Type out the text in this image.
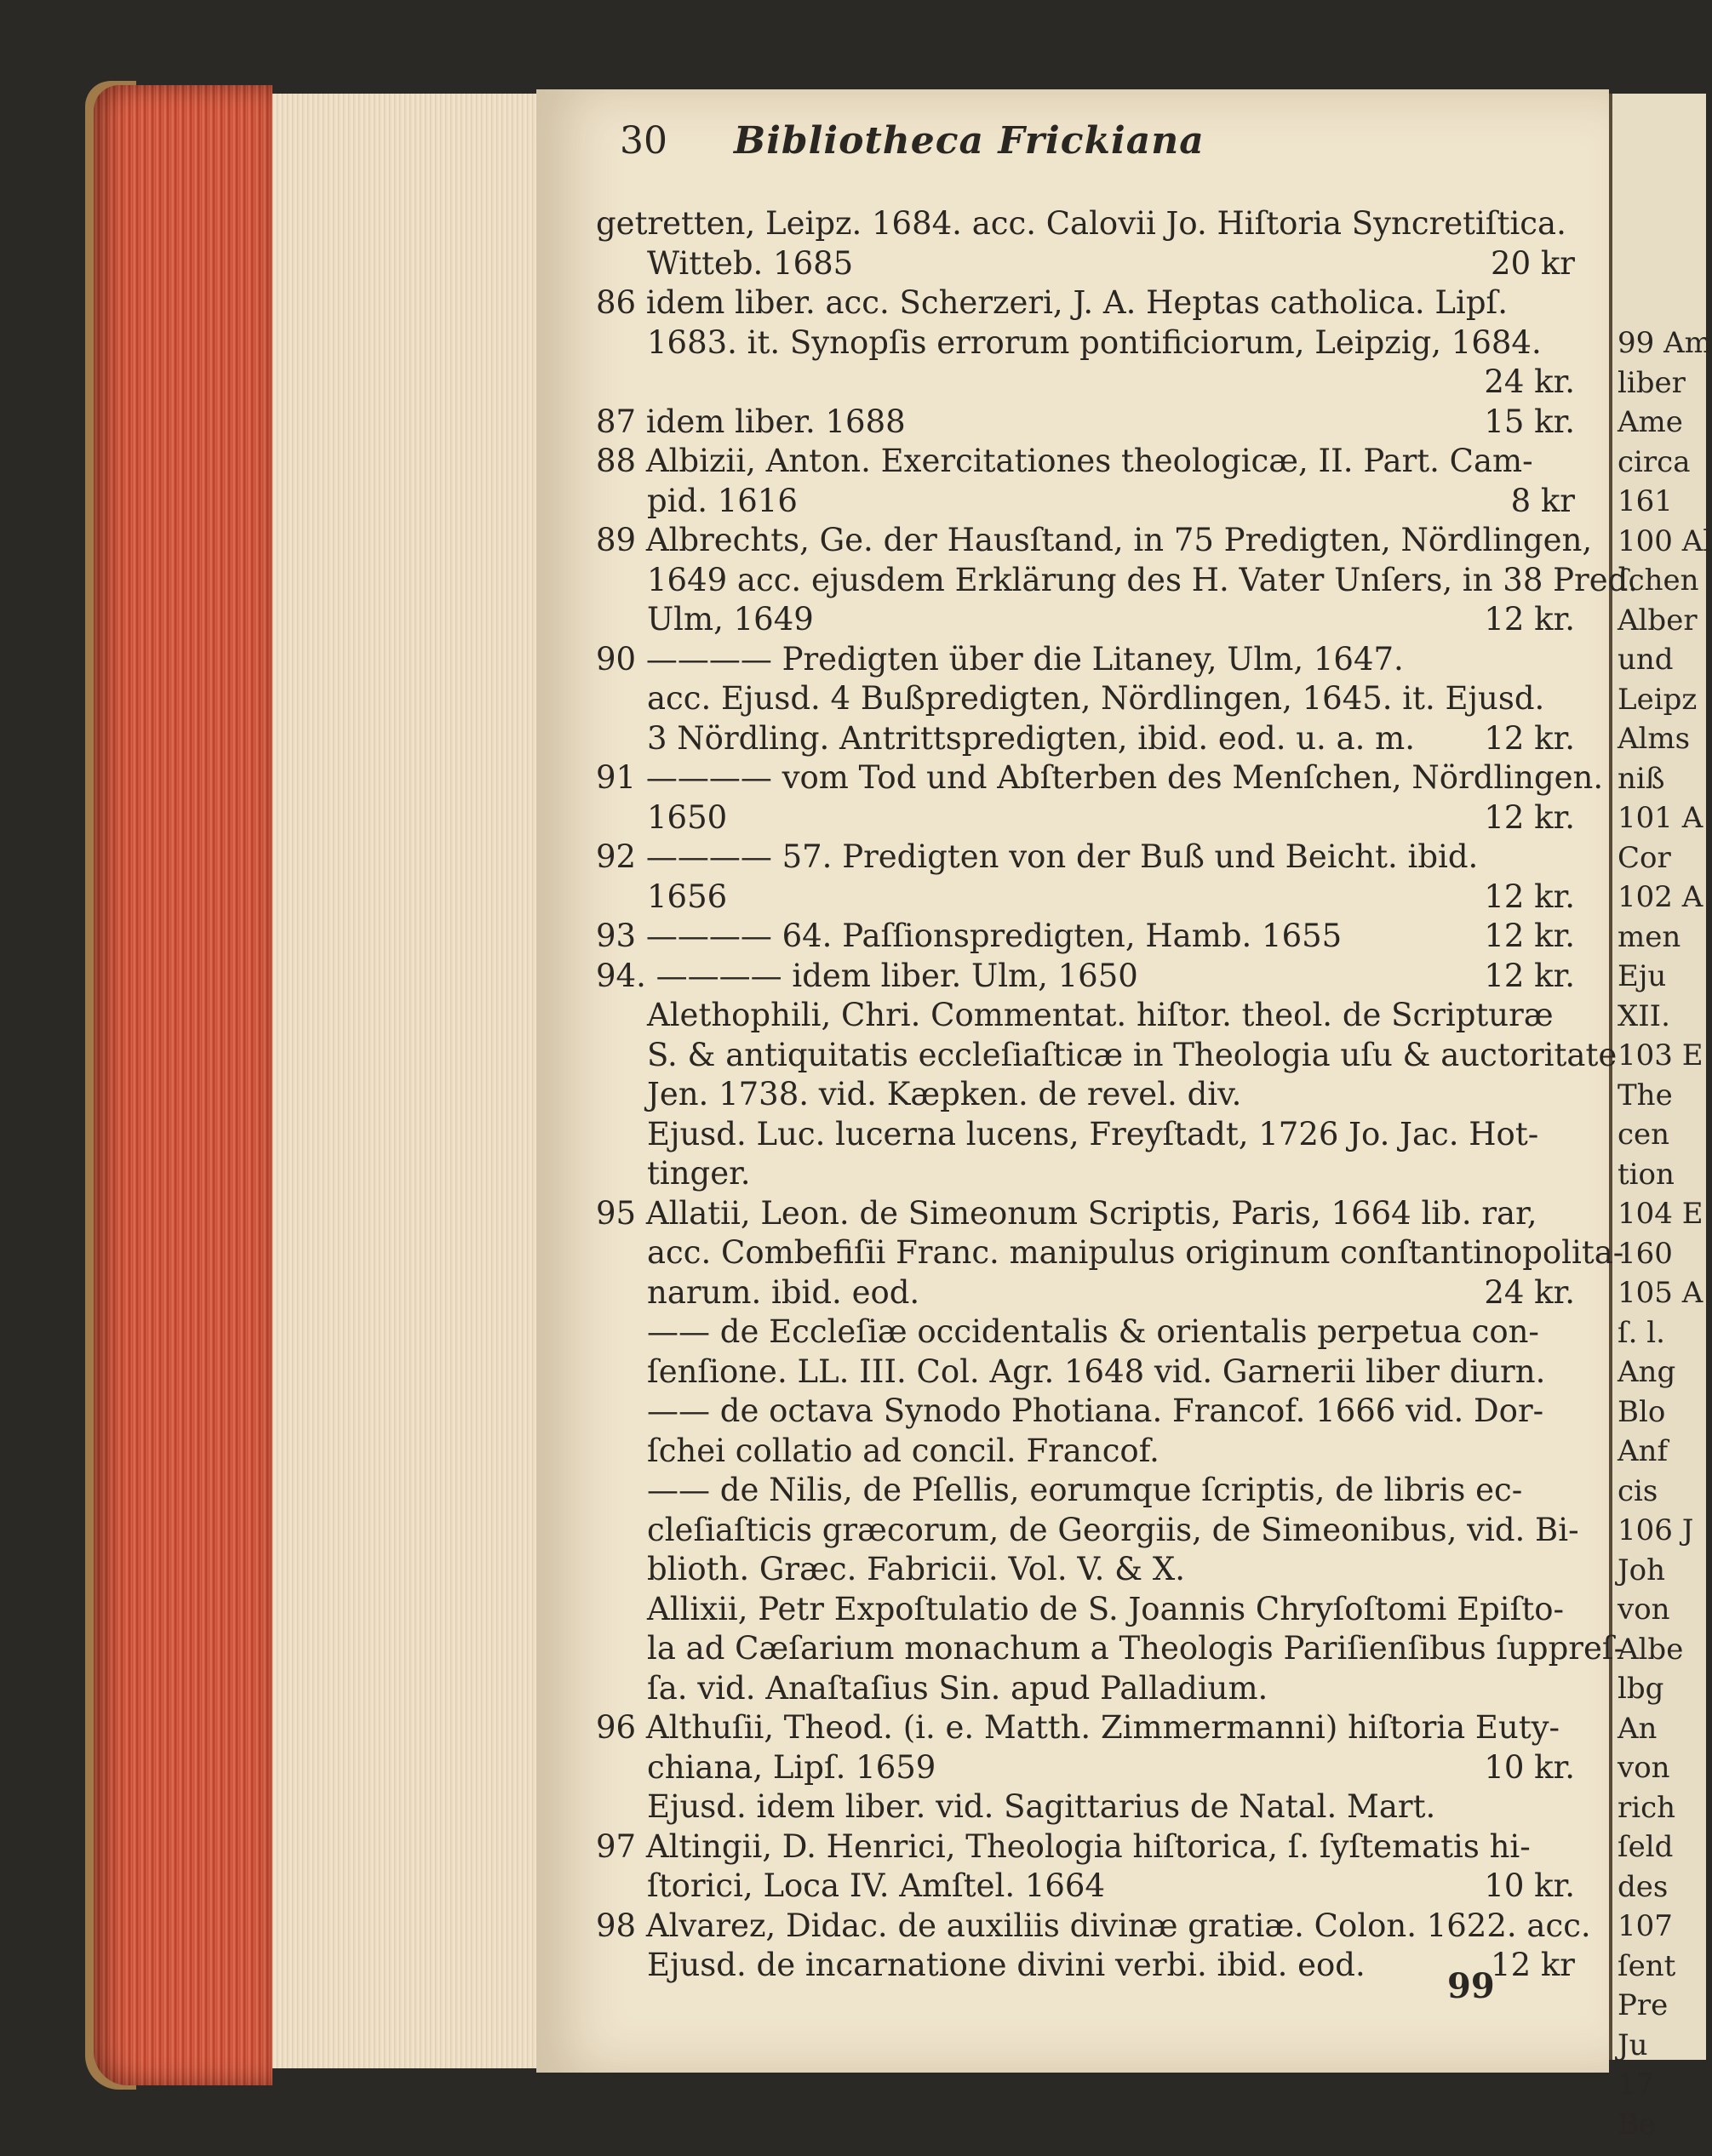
99 Am
liber
Ame
circa
161
100 Al
ſchen
Alber
und
Leipz
Alms
niß
101 A
Cor
102 A
men
Eju
XII.
103 E
The
cen
tion
104 E
160
105 A
ſ. l.
Ang
Blo
Anf
cis
106 J
Joh
von
Albe
lbg
An
von
rich
ſeld
des
107
ſent
Pre
Ju
17
Be
30 Bibliotheca Frickiana
getretten, Leipz. 1684. acc. Calovii Jo. Hiſtoria Syncretiſtica.
Witteb. 1685	20 kr
86 idem liber. acc. Scherzeri, J. A. Heptas catholica. Lipſ.
1683. it. Synopſis errorum pontificiorum, Leipzig, 1684.
24 kr.
87 idem liber. 1688	15 kr.
88 Albizii, Anton. Exercitationes theologicæ, II. Part. Cam-
pid. 1616	8 kr
89 Albrechts, Ge. der Hausſtand, in 75 Predigten, Nördlingen,
1649 acc. ejusdem Erklärung des H. Vater Unſers, in 38 Pred.
Ulm, 1649	12 kr.
90 ———— Predigten über die Litaney, Ulm, 1647.
acc. Ejusd. 4 Bußpredigten, Nördlingen, 1645. it. Ejusd.
3 Nördling. Antrittspredigten, ibid. eod. u. a. m. 12 kr.
91 ———— vom Tod und Abſterben des Menſchen, Nördlingen.
1650	12 kr.
92 ———— 57. Predigten von der Buß und Beicht. ibid.
1656	12 kr.
93 ———— 64. Paſſionspredigten, Hamb. 1655	12 kr.
94. ———— idem liber. Ulm, 1650	12 kr.
Alethophili, Chri. Commentat. hiſtor. theol. de Scripturæ
S. & antiquitatis eccleſiaſticæ in Theologia uſu & auctoritate
Jen. 1738. vid. Kæpken. de revel. div.
Ejusd. Luc. lucerna lucens, Freyſtadt, 1726 Jo. Jac. Hot-
tinger.
95 Allatii, Leon. de Simeonum Scriptis, Paris, 1664 lib. rar,
acc. Combefiſii Franc. manipulus originum conſtantinopolita-
narum. ibid. eod.	24 kr.
—— de Eccleſiæ occidentalis & orientalis perpetua con-
ſenſione. LL. III. Col. Agr. 1648 vid. Garnerii liber diurn.
—— de octava Synodo Photiana. Francof. 1666 vid. Dor-
ſchei collatio ad concil. Francof.
—— de Nilis, de Pſellis, eorumque ſcriptis, de libris ec-
cleſiaſticis græcorum, de Georgiis, de Simeonibus, vid. Bi-
blioth. Græc. Fabricii. Vol. V. & X.
Allixii, Petr Expoſtulatio de S. Joannis Chryſoſtomi Epiſto-
la ad Cæſarium monachum a Theologis Pariſienſibus ſuppreſ-
ſa. vid. Anaſtaſius Sin. apud Palladium.
96 Althuſii, Theod. (i. e. Matth. Zimmermanni) hiſtoria Euty-
chiana, Lipſ. 1659	10 kr.
Ejusd. idem liber. vid. Sagittarius de Natal. Mart.
97 Altingii, D. Henrici, Theologia hiſtorica, ſ. ſyſtematis hi-
ſtorici, Loca IV. Amſtel. 1664	10 kr.
98 Alvarez, Didac. de auxiliis divinæ gratiæ. Colon. 1622. acc.
Ejusd. de incarnatione divini verbi. ibid. eod.	12 kr
99
